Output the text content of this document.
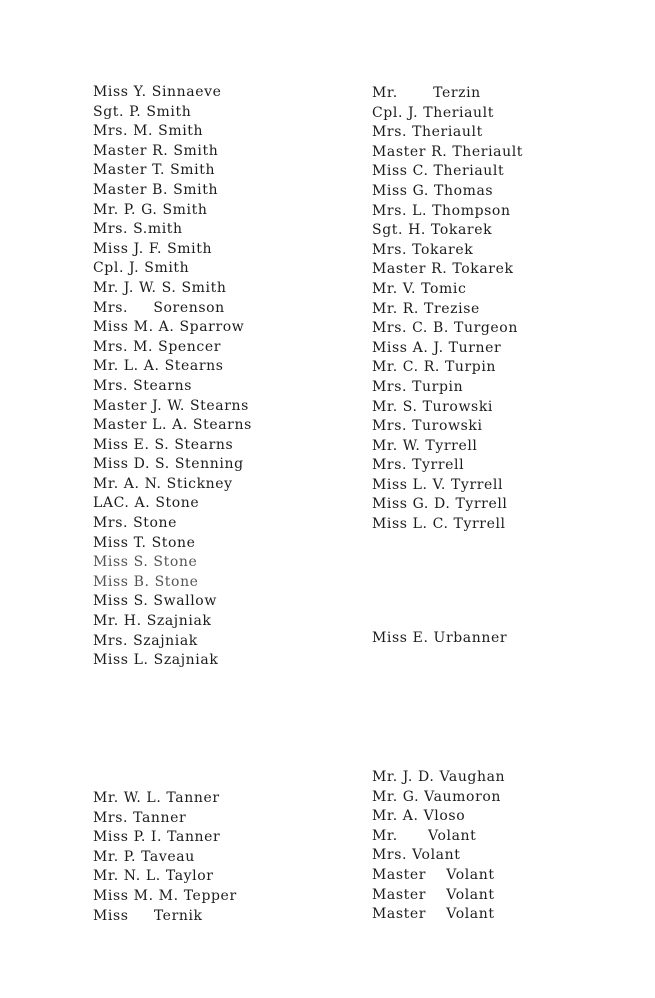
Miss Y. Sinnaeve
Sgt. P. Smith
Mrs. M. Smith
Master R. Smith
Master T. Smith
Master B. Smith
Mr. P. G. Smith
Mrs. S.mith
Miss J. F. Smith
Cpl. J. Smith
Mr. J. W. S. Smith
Mrs.     Sorenson
Miss M. A. Sparrow
Mrs. M. Spencer
Mr. L. A. Stearns
Mrs. Stearns
Master J. W. Stearns
Master L. A. Stearns
Miss E. S. Stearns
Miss D. S. Stenning
Mr. A. N. Stickney
LAC. A. Stone
Mrs. Stone
Miss T. Stone
Miss S. Stone
Miss B. Stone
Miss S. Swallow
Mr. H. Szajniak
Mrs. Szajniak
Miss L. Szajniak
Mr. W. L. Tanner
Mrs. Tanner
Miss P. I. Tanner
Mr. P. Taveau
Mr. N. L. Taylor
Miss M. M. Tepper
Miss     Ternik
Mr.       Terzin
Cpl. J. Theriault
Mrs. Theriault
Master R. Theriault
Miss C. Theriault
Miss G. Thomas
Mrs. L. Thompson
Sgt. H. Tokarek
Mrs. Tokarek
Master R. Tokarek
Mr. V. Tomic
Mr. R. Trezise
Mrs. C. B. Turgeon
Miss A. J. Turner
Mr. C. R. Turpin
Mrs. Turpin
Mr. S. Turowski
Mrs. Turowski
Mr. W. Tyrrell
Mrs. Tyrrell
Miss L. V. Tyrrell
Miss G. D. Tyrrell
Miss L. C. Tyrrell
Miss E. Urbanner
Mr. J. D. Vaughan
Mr. G. Vaumoron
Mr. A. Vloso
Mr.      Volant
Mrs. Volant
Master    Volant
Master    Volant
Master    Volant
